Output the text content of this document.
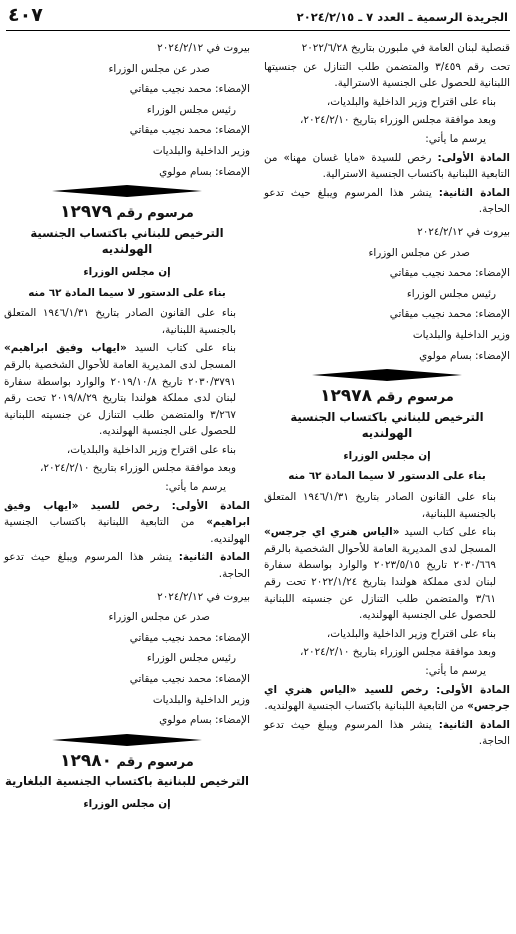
الجريدة الرسمية ـ العدد ٧ ـ ٢٠٢٤/٢/١٥
٤٠٧

قنصلية لبنان العامة في ملبورن بتاريخ ٢٠٢٢/٦/٢٨

تحت رقم ٣/٤٥٩ والمتضمن طلب التنازل عن جنسيتها اللبنانية للحصول على الجنسية الاسترالية.

بناء على اقتراح وزير الداخلية والبلديات،

وبعد موافقة مجلس الوزراء بتاريخ ٢٠٢٤/٢/١٠،

يرسم ما يأتي:

المادة الأولى: رخص للسيدة «مايا غسان مهنا» من التابعية اللبنانية باكتساب الجنسية الاسترالية.

المادة الثانية: ينشر هذا المرسوم ويبلغ حيث تدعو الحاجة.

بيروت في ٢٠٢٤/٢/١٢

صدر عن مجلس الوزراء

الإمضاء: محمد نجيب ميقاتي

رئيس مجلس الوزراء

الإمضاء: محمد نجيب ميقاتي

وزير الداخلية والبلديات

الإمضاء: بسام مولوي

مرسوم رقم ١٢٩٧٨
الترخيص للبناني باكتساب الجنسية الهولنديه
إن مجلس الوزراء
بناء على الدستور لا سيما المادة ٦٢ منه

بناء على القانون الصادر بتاريخ ١٩٤٦/١/٣١ المتعلق بالجنسية اللبنانية،

بناء على كتاب السيد «الياس هنري اي جرجس» المسجل لدى المديرية العامة للأحوال الشخصية بالرقم ٢٠٣٠/٦٦٩ تاريخ ٢٠٢٣/٥/١٥ والوارد بواسطة سفارة لبنان لدى مملكة هولندا بتاريخ ٢٠٢٢/١/٢٤ تحت رقم ٣/٦١ والمتضمن طلب التنازل عن جنسيته اللبنانية للحصول على الجنسية الهولنديه.

بناء على اقتراح وزير الداخلية والبلديات،

وبعد موافقة مجلس الوزراء بتاريخ ٢٠٢٤/٢/١٠،

يرسم ما يأتي:

المادة الأولى: رخص للسيد «الياس هنري اي جرجس» من التابعية اللبنانية باكتساب الجنسية الهولنديه.

المادة الثانية: ينشر هذا المرسوم ويبلغ حيث تدعو الحاجة.

بيروت في ٢٠٢٤/٢/١٢

صدر عن مجلس الوزراء

الإمضاء: محمد نجيب ميقاتي

رئيس مجلس الوزراء

الإمضاء: محمد نجيب ميقاتي

وزير الداخلية والبلديات

الإمضاء: بسام مولوي

مرسوم رقم ١٢٩٧٩
الترخيص للبناني باكتساب الجنسية الهولنديه
إن مجلس الوزراء
بناء على الدستور لا سيما المادة ٦٢ منه

بناء على القانون الصادر بتاريخ ١٩٤٦/١/٣١ المتعلق بالجنسية اللبنانية،

بناء على كتاب السيد «ايهاب وفيق ابراهيم» المسجل لدى المديرية العامة للأحوال الشخصية بالرقم ٢٠٣٠/٣٧٩١ تاريخ ٢٠١٩/١٠/٨ والوارد بواسطة سفارة لبنان لدى مملكة هولندا بتاريخ ٢٠١٩/٨/٢٩ تحت رقم ٣/٢٦٧ والمتضمن طلب التنازل عن جنسيته اللبنانية للحصول على الجنسية الهولنديه.

بناء على اقتراح وزير الداخلية والبلديات،

وبعد موافقة مجلس الوزراء بتاريخ ٢٠٢٤/٢/١٠،

يرسم ما يأتي:

المادة الأولى: رخص للسيد «ايهاب وفيق ابراهيم» من التابعية اللبنانية باكتساب الجنسية الهولنديه.

المادة الثانية: ينشر هذا المرسوم ويبلغ حيث تدعو الحاجة.

بيروت في ٢٠٢٤/٢/١٢

صدر عن مجلس الوزراء

الإمضاء: محمد نجيب ميقاتي

رئيس مجلس الوزراء

الإمضاء: محمد نجيب ميقاتي

وزير الداخلية والبلديات

الإمضاء: بسام مولوي

مرسوم رقم ١٢٩٨٠
الترخيص للبنانية باكتساب الجنسية البلغارية
إن مجلس الوزراء
